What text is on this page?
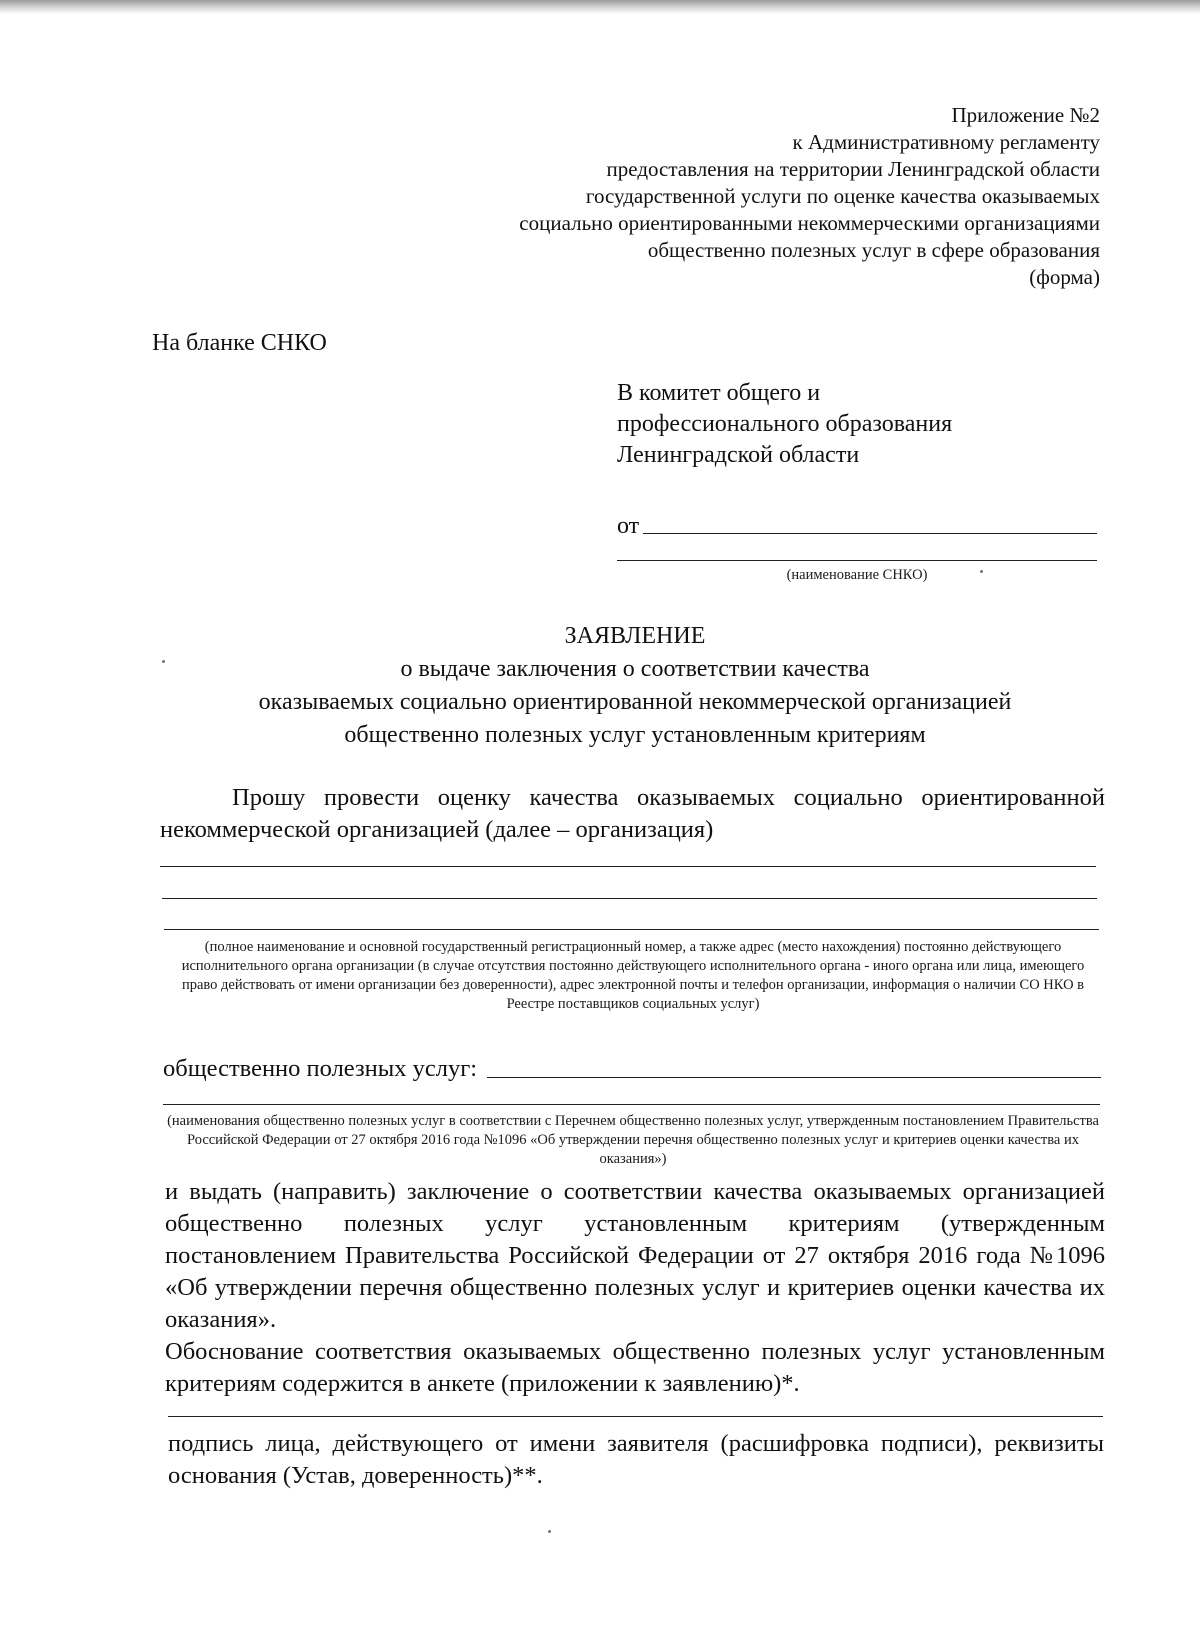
Приложение №2
к Административному регламенту
предоставления на территории Ленинградской области
государственной услуги по оценке качества оказываемых
социально ориентированными некоммерческими организациями
общественно полезных услуг в сфере образования
(форма)
На бланке СНКО
В комитет общего и
профессионального образования
Ленинградской области
от
(наименование СНКО)
ЗАЯВЛЕНИЕ
о выдаче заключения о соответствии качества
оказываемых социально ориентированной некоммерческой организацией
общественно полезных услуг установленным критериям
Прошу провести оценку качества оказываемых социально ориентированной некоммерческой организацией (далее – организация)
(полное наименование и основной государственный регистрационный номер, а также адрес (место нахождения) постоянно действующего исполнительного органа организации (в случае отсутствия постоянно действующего исполнительного органа - иного органа или лица, имеющего право действовать от имени организации без доверенности), адрес электронной почты и телефон организации, информация о наличии СО НКО в Реестре поставщиков социальных услуг)
общественно полезных услуг:
(наименования общественно полезных услуг в соответствии с Перечнем общественно полезных услуг, утвержденным постановлением Правительства Российской Федерации от 27 октября 2016 года №1096 «Об утверждении перечня общественно полезных услуг и критериев оценки качества их оказания»)
и выдать (направить) заключение о соответствии качества оказываемых организацией общественно полезных услуг установленным критериям (утвержденным постановлением Правительства Российской Федерации от 27 октября 2016 года №1096 «Об утверждении перечня общественно полезных услуг и критериев оценки качества их оказания».
Обоснование соответствия оказываемых общественно полезных услуг установленным критериям содержится в анкете (приложении к заявлению)*.
подпись лица, действующего от имени заявителя (расшифровка подписи), реквизиты основания (Устав, доверенность)**.
